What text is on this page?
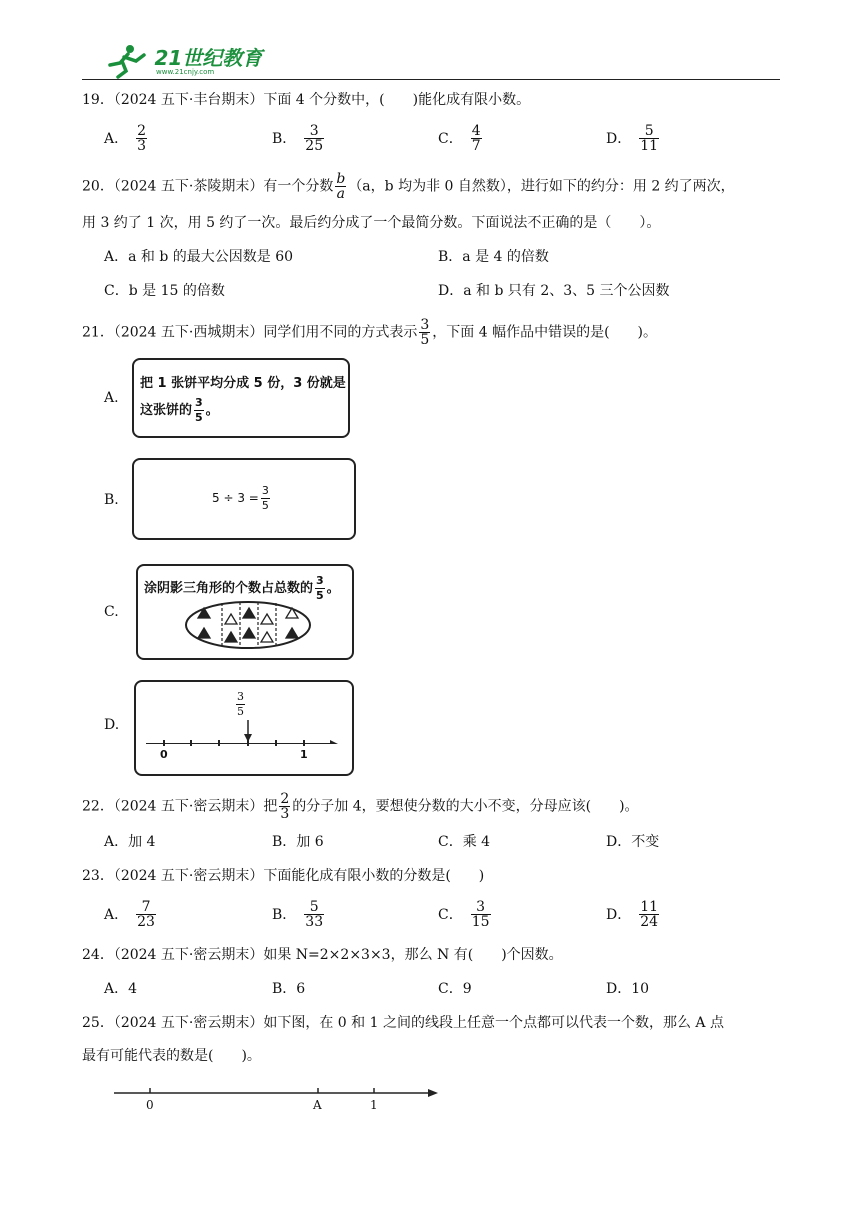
21世纪教育
www.21cnjy.com
19．（2024 五下·丰台期末）下面 4 个分数中，(　　)能化成有限小数。
A． $\frac{2}{3}$	B． $\frac{3}{25}$	C． $\frac{4}{7}$	D． $\frac{5}{11}$
20．（2024 五下·茶陵期末）有一个分数 $\frac{b}{a} (a$，b 均为非 0 自然数），进行如下的约分：用 2 约了两次，
用 3 约了 1 次，用 5 约了一次。最后约分成了一个最简分数。下面说法不正确的是（　　）。
A．a 和 b 的最大公因数是 60	B．a 是 4 的倍数
C．b 是 15 的倍数	D．a 和 b 只有 2、3、5 三个公因数
21．（2024 五下·西城期末）同学们用不同的方式表示 $\frac{3}{5}$ ，下面 4 幅作品中错误的是(　　)。
A.
把 1 张饼平均分成 5 份，3 份就是
这张饼的 $\frac{3}{5}$ 。
B.	$5 \div 3 = \frac{3}{5}$
C.
涂阴影三角形的个数占总数的 $\frac{3}{5}$ 。
D.
$\frac{3}{5}$
0	1
22．（2024 五下·密云期末）把 $\frac{2}{3}$ 的分子加 4，要想使分数的大小不变，分母应该(　　)。
A．加 4	B．加 6	C．乘 4	D．不变
23．（2024 五下·密云期末）下面能化成有限小数的分数是(　　)
A． $\frac{7}{23}$	B． $\frac{5}{33}$	C． $\frac{3}{15}$	D． $\frac{11}{24}$
24．（2024 五下·密云期末）如果 N=2×2×3×3，那么 N 有(　　)个因数。
A．4	B．6	C．9	D．10
25．（2024 五下·密云期末）如下图，在 0 和 1 之间的线段上任意一个点都可以代表一个数，那么 A 点
最有可能代表的数是(　　)。
0	A	1
